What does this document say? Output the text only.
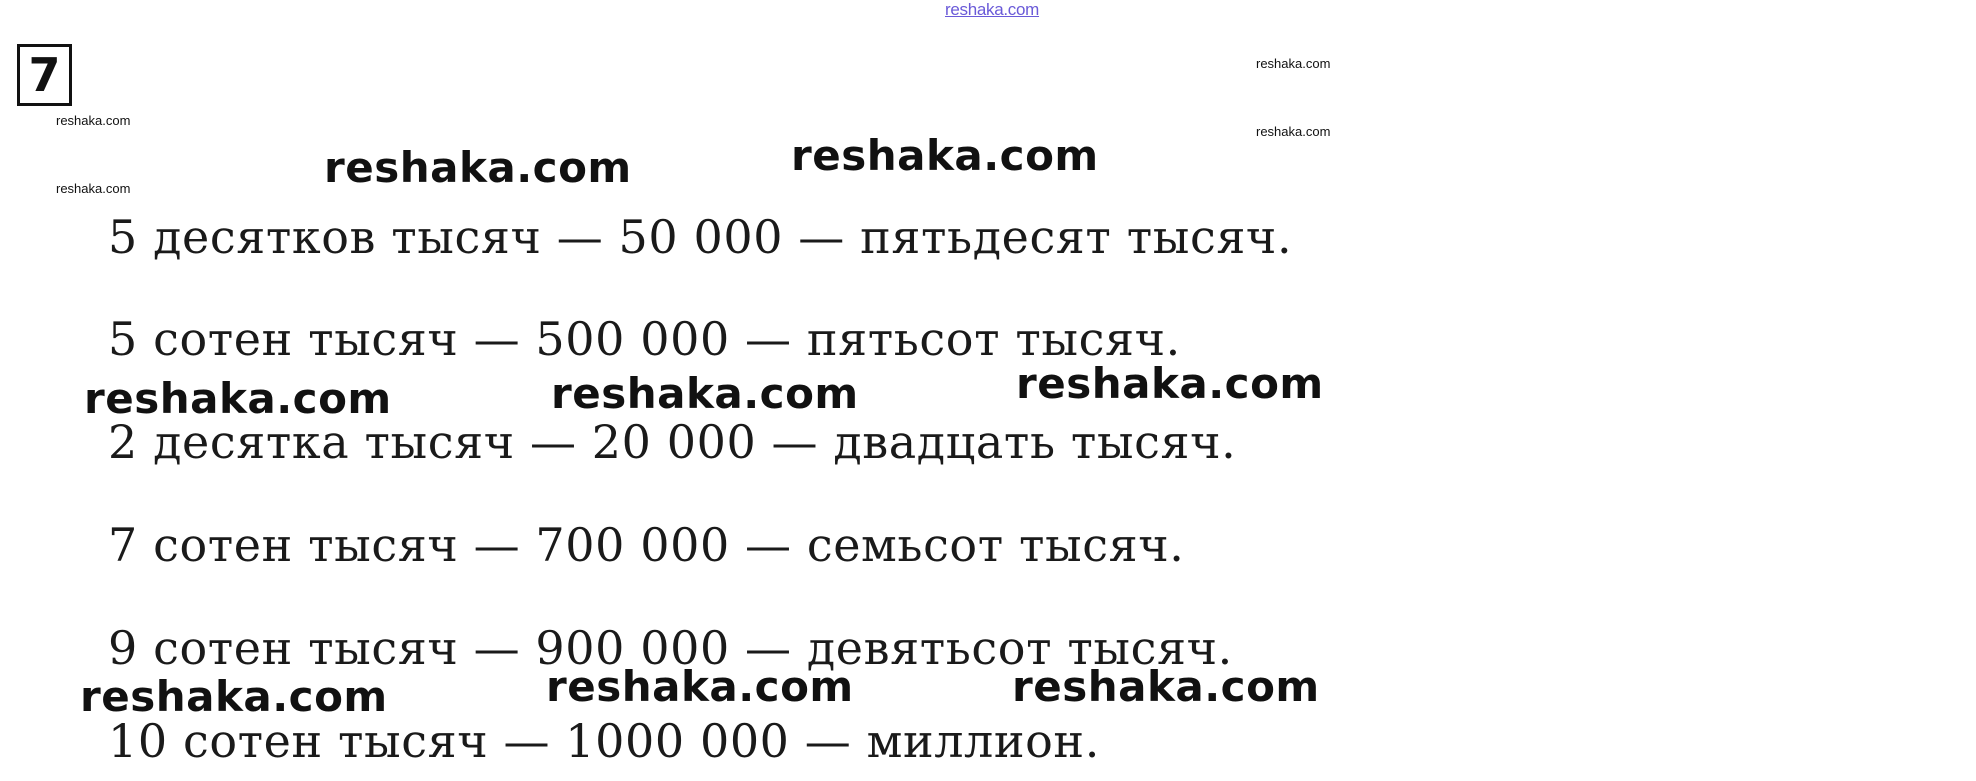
reshaka.com
7	reshaka.com
reshaka.com
reshaka.com
reshaka.com
5 десятков тысяч — 50 000 — пятьдесят тысяч.
5 сотен тысяч — 500 000 — пятьсот тысяч.
2 десятка тысяч — 20 000 — двадцать тысяч.
7 сотен тысяч — 700 000 — семьсот тысяч.
9 сотен тысяч — 900 000 — девятьсот тысяч.
10 сотен тысяч — 1000 000 — миллион.
reshaka.com	reshaka.com
reshaka.com	reshaka.com	reshaka.com
reshaka.com	reshaka.com	reshaka.com
